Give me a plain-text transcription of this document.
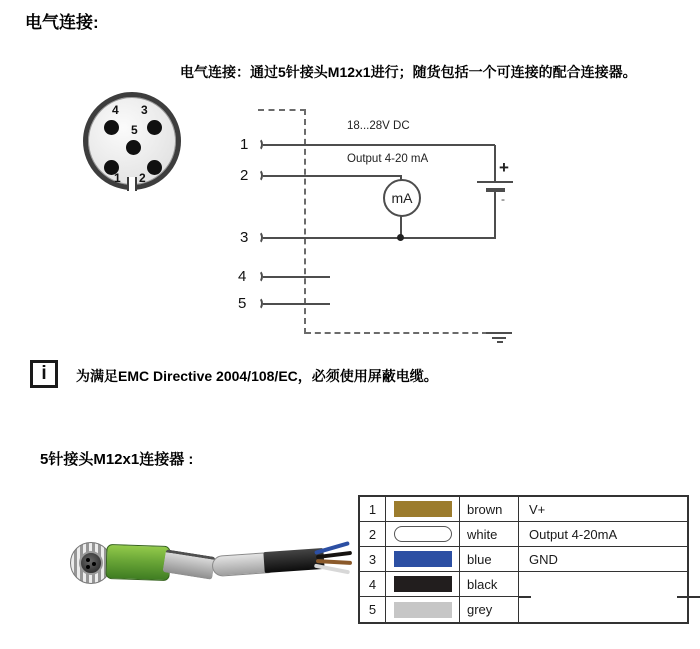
电气连接:
电气连接：通过5针接头M12x1进行；随货包括一个可连接的配合连接器。
4 3
5
1 2
1
2
3
4
5
18...28V DC
Output 4-20 mA
mA
+
-
i 为满足EMC Directive 2004/108/EC，必须使用屏蔽电缆。
5针接头M12x1连接器 :
1	brown	V+
2	white	Output 4-20mA
3	blue	GND
4	black
5	grey
